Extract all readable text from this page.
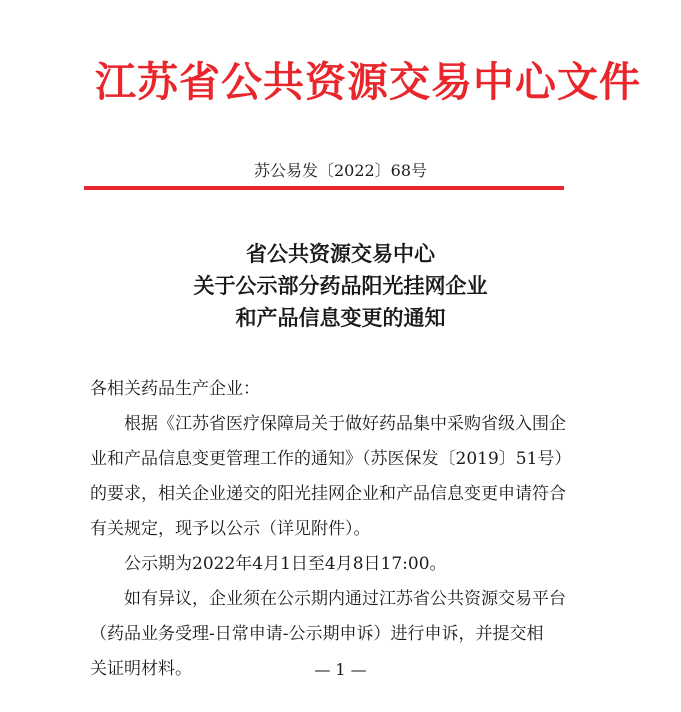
江苏省公共资源交易中心文件
苏公易发〔2022〕68号
省公共资源交易中心
关于公示部分药品阳光挂网企业
和产品信息变更的通知

各相关药品生产企业：

根据《江苏省医疗保障局关于做好药品集中采购省级入围企
业和产品信息变更管理工作的通知》（苏医保发〔2019〕51号）
的要求，相关企业递交的阳光挂网企业和产品信息变更申请符合
有关规定，现予以公示（详见附件）。

公示期为2022年4月1日至4月8日17:00。

如有异议，企业须在公示期内通过江苏省公共资源交易平台
（药品业务受理-日常申请-公示期申诉）进行申诉，并提交相
关证明材料。	— 1 —
